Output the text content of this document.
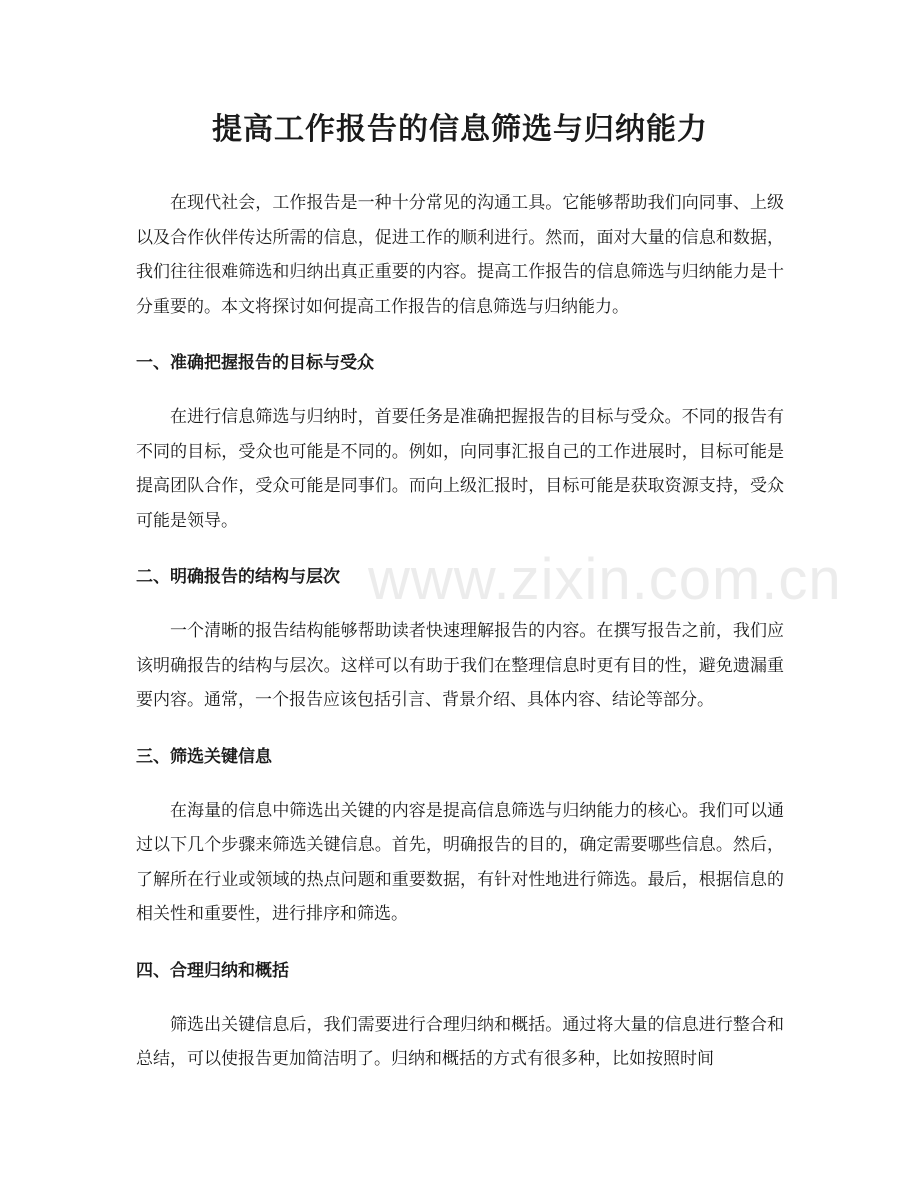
提高工作报告的信息筛选与归纳能力

在现代社会，工作报告是一种十分常见的沟通工具。它能够帮助我们向同事、上级以及合作伙伴传达所需的信息，促进工作的顺利进行。然而，面对大量的信息和数据，我们往往很难筛选和归纳出真正重要的内容。提高工作报告的信息筛选与归纳能力是十分重要的。本文将探讨如何提高工作报告的信息筛选与归纳能力。

一、准确把握报告的目标与受众

在进行信息筛选与归纳时，首要任务是准确把握报告的目标与受众。不同的报告有不同的目标，受众也可能是不同的。例如，向同事汇报自己的工作进展时，目标可能是提高团队合作，受众可能是同事们。而向上级汇报时，目标可能是获取资源支持，受众可能是领导。

二、明确报告的结构与层次

一个清晰的报告结构能够帮助读者快速理解报告的内容。在撰写报告之前，我们应该明确报告的结构与层次。这样可以有助于我们在整理信息时更有目的性，避免遗漏重要内容。通常，一个报告应该包括引言、背景介绍、具体内容、结论等部分。

三、筛选关键信息

在海量的信息中筛选出关键的内容是提高信息筛选与归纳能力的核心。我们可以通过以下几个步骤来筛选关键信息。首先，明确报告的目的，确定需要哪些信息。然后，了解所在行业或领域的热点问题和重要数据，有针对性地进行筛选。最后，根据信息的相关性和重要性，进行排序和筛选。

四、合理归纳和概括

筛选出关键信息后，我们需要进行合理归纳和概括。通过将大量的信息进行整合和总结，可以使报告更加简洁明了。归纳和概括的方式有很多种，比如按照时间

www.zixin.com.cn
